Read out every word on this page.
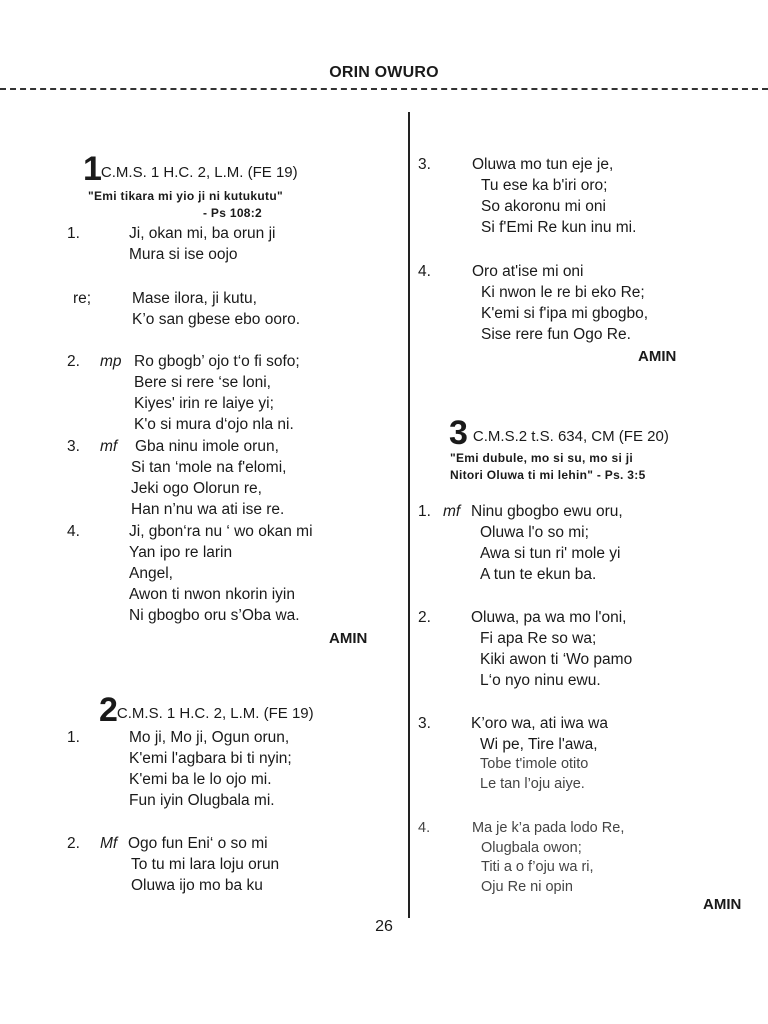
ORIN OWURO
1C.M.S. 1 H.C. 2, L.M. (FE 19)
"Emi tikara mi yio ji ni kutukutu"
- Ps 108:2
1.	Ji, okan mi, ba orun ji
Mura si ise oojo
re;	Mase ilora, ji kutu,
K’o san gbese ebo ooro.
2. mp Ro gbogb’ ojo t‘o fi sofo;
Bere si rere ‘se loni,
Kiyes' irin re laiye yi;
K'o si mura d‘ojo nla ni.
3. mf Gba ninu imole orun,
Si tan ‘mole na f'elomi,
Jeki ogo Olorun re,
Han n’nu wa ati ise re.
4.	Ji, gbon‘ra nu ‘ wo okan mi
Yan ipo re larin
Angel,
Awon ti nwon nkorin iyin
Ni gbogbo oru s’Oba wa.
AMIN
2C.M.S. 1 H.C. 2, L.M. (FE 19)
1.	Mo ji, Mo ji, Ogun orun,
K'emi l'agbara bi ti nyin;
K'emi ba le lo ojo mi.
Fun iyin Olugbala mi.
2. Mf Ogo fun Eni‘ o so mi
To tu mi lara loju orun
Oluwa ijo mo ba ku
3.	Oluwa mo tun eje je,
Tu ese ka b'iri oro;
So akoronu mi oni
Si f'Emi Re kun inu mi.
4.	Oro at'ise mi oni
Ki nwon le re bi eko Re;
K'emi si f'ipa mi gbogbo,
Sise rere fun Ogo Re.
AMIN
3 C.M.S.2 t.S. 634, CM (FE 20)
"Emi dubule, mo si su, mo si ji
Nitori Oluwa ti mi lehin" - Ps. 3:5
1. mf Ninu gbogbo ewu oru,
Oluwa l'o so mi;
Awa si tun ri' mole yi
A tun te ekun ba.
2.	Oluwa, pa wa mo l'oni,
Fi apa Re so wa;
Kiki awon ti ‘Wo pamo
L‘o nyo ninu ewu.
3.	K’oro wa, ati iwa wa
Wi pe, Tire l'awa,
Tobe t'imole otito
Le tan l’oju aiye.
4.	Ma je k’a pada lodo Re,
Olugbala owon;
Titi a o f’oju wa ri,
Oju Re ni opin
AMIN
26
